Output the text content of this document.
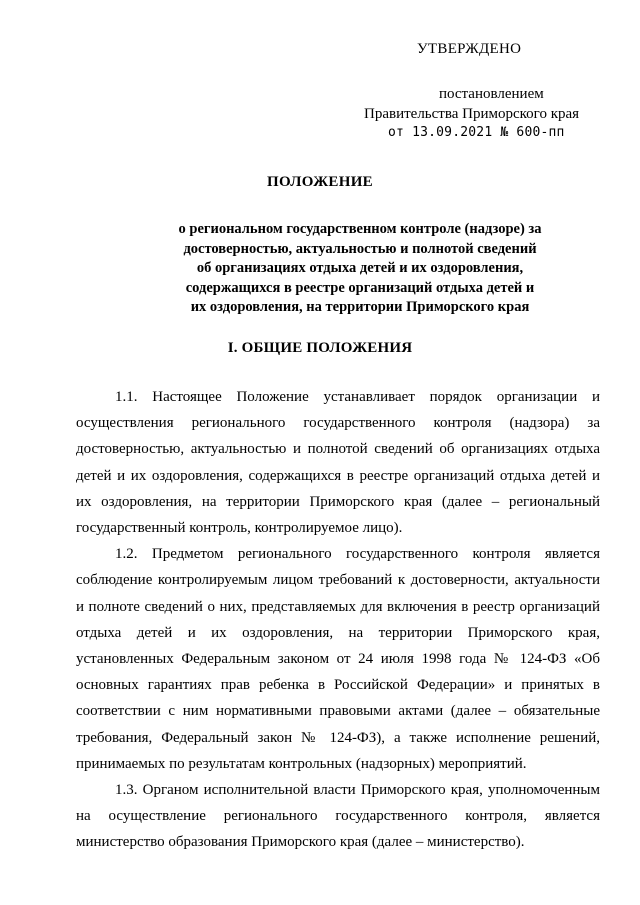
УТВЕРЖДЕНО
постановлением
Правительства Приморского края
от 13.09.2021 № 600-пп
ПОЛОЖЕНИЕ
о региональном государственном контроле (надзоре) за
достоверностью, актуальностью и полнотой сведений
об организациях отдыха детей и их оздоровления,
содержащихся в реестре организаций отдыха детей и
их оздоровления, на территории Приморского края
I. ОБЩИЕ ПОЛОЖЕНИЯ

1.1. Настоящее Положение устанавливает порядок организации и
осуществления регионального государственного контроля (надзора) за
достоверностью, актуальностью и полнотой сведений об организациях отдыха
детей и их оздоровления, содержащихся в реестре организаций отдыха детей и
их оздоровления, на территории Приморского края (далее – региональный
государственный контроль, контролируемое лицо).

1.2. Предметом регионального государственного контроля является
соблюдение контролируемым лицом требований к достоверности, актуальности
и полноте сведений о них, представляемых для включения в реестр организаций
отдыха детей и их оздоровления, на территории Приморского края,
установленных Федеральным законом от 24 июля 1998 года № 124-ФЗ «Об
основных гарантиях прав ребенка в Российской Федерации» и принятых в
соответствии с ним нормативными правовыми актами (далее – обязательные
требования, Федеральный закон № 124-ФЗ), а также исполнение решений,
принимаемых по результатам контрольных (надзорных) мероприятий.

1.3. Органом исполнительной власти Приморского края, уполномоченным
на осуществление регионального государственного контроля, является
министерство образования Приморского края (далее – министерство).
